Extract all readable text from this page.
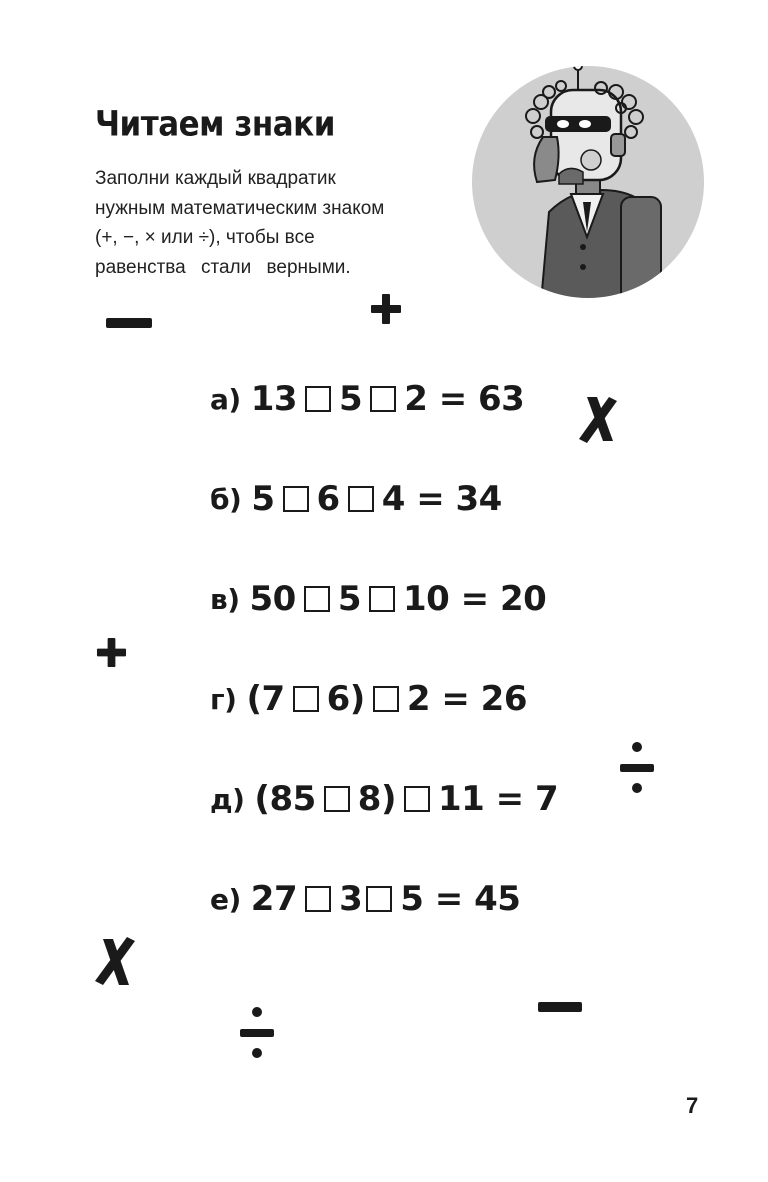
Читаем знаки

Заполни каждый квадратик

нужным математическим знаком

(+, −, × или ÷), чтобы все

равенства стали верными.

а) 13 5 2 = 63
б) 5 6 4 = 34
в) 50 5 10 = 20
г) (7 6) 2 = 26
д) (85 8) 11 = 7
е) 27 3 5 = 45
7
